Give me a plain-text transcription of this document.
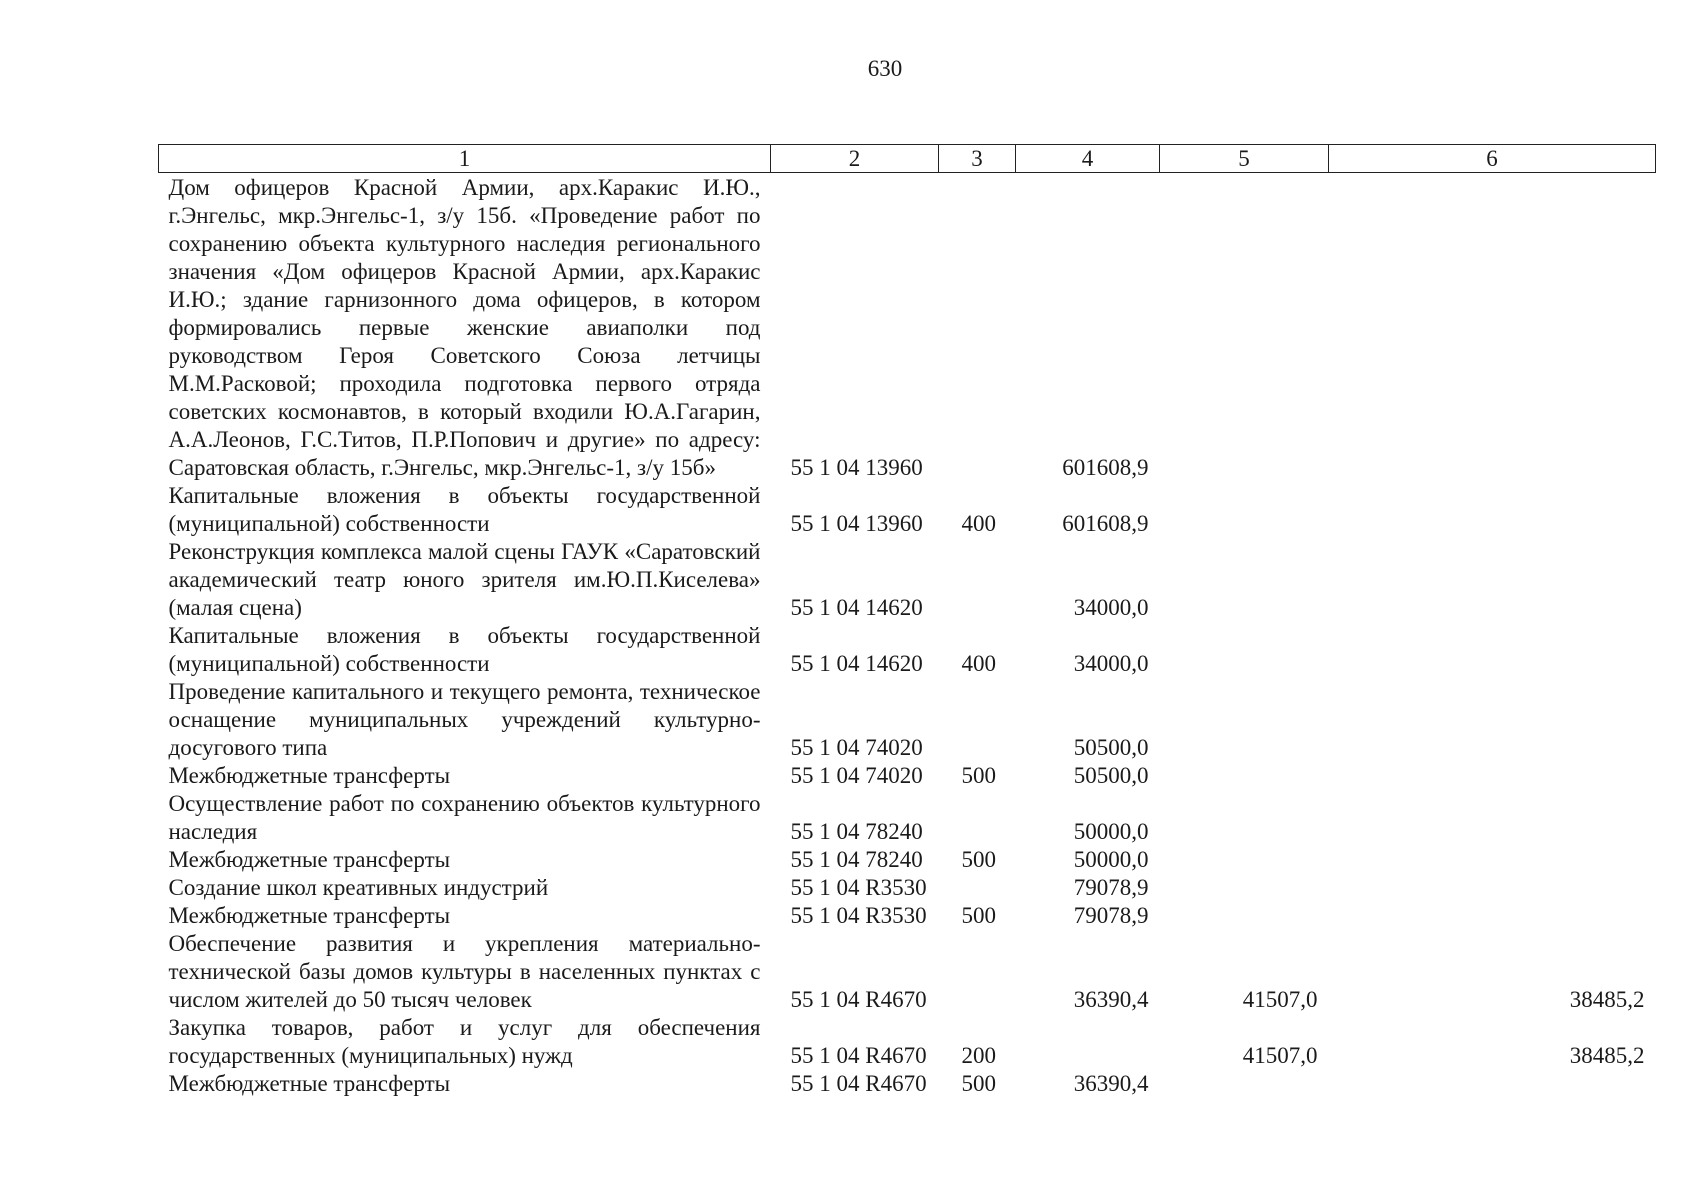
630
1	2	3	4	5	6
Дом офицеров Красной Армии, арх.Каракис И.Ю., г.Энгельс, мкр.Энгельс-1, з/у 15б. «Проведение работ по сохранению объекта культурного наследия регионального значения «Дом офицеров Красной Армии, арх.Каракис И.Ю.; здание гарнизонного дома офицеров, в котором формировались первые женские авиаполки под руководством Героя Советского Союза летчицы М.М.Расковой; проходила подготовка первого отряда советских космонавтов, в который входили Ю.А.Гагарин, А.А.Леонов, Г.С.Титов, П.Р.Попович и другие» по адресу: Саратовская область, г.Энгельс, мкр.Энгельс-1, з/у 15б»	55 1 04 13960		601608,9		
Капитальные вложения в объекты государственной (муниципальной) собственности	55 1 04 13960	400	601608,9		
Реконструкция комплекса малой сцены ГАУК «Саратовский академический театр юного зрителя им.Ю.П.Киселева» (малая сцена)	55 1 04 14620		34000,0		
Капитальные вложения в объекты государственной (муниципальной) собственности	55 1 04 14620	400	34000,0		
Проведение капитального и текущего ремонта, техническое оснащение муниципальных учреждений культурно-досугового типа	55 1 04 74020		50500,0		
Межбюджетные трансферты	55 1 04 74020	500	50500,0		
Осуществление работ по сохранению объектов культурного наследия	55 1 04 78240		50000,0		
Межбюджетные трансферты	55 1 04 78240	500	50000,0		
Создание школ креативных индустрий	55 1 04 R3530		79078,9		
Межбюджетные трансферты	55 1 04 R3530	500	79078,9		
Обеспечение развития и укрепления материально-технической базы домов культуры в населенных пунктах с числом жителей до 50 тысяч человек	55 1 04 R4670		36390,4	41507,0	38485,2
Закупка товаров, работ и услуг для обеспечения государственных (муниципальных) нужд	55 1 04 R4670	200		41507,0	38485,2
Межбюджетные трансферты	55 1 04 R4670	500	36390,4		
